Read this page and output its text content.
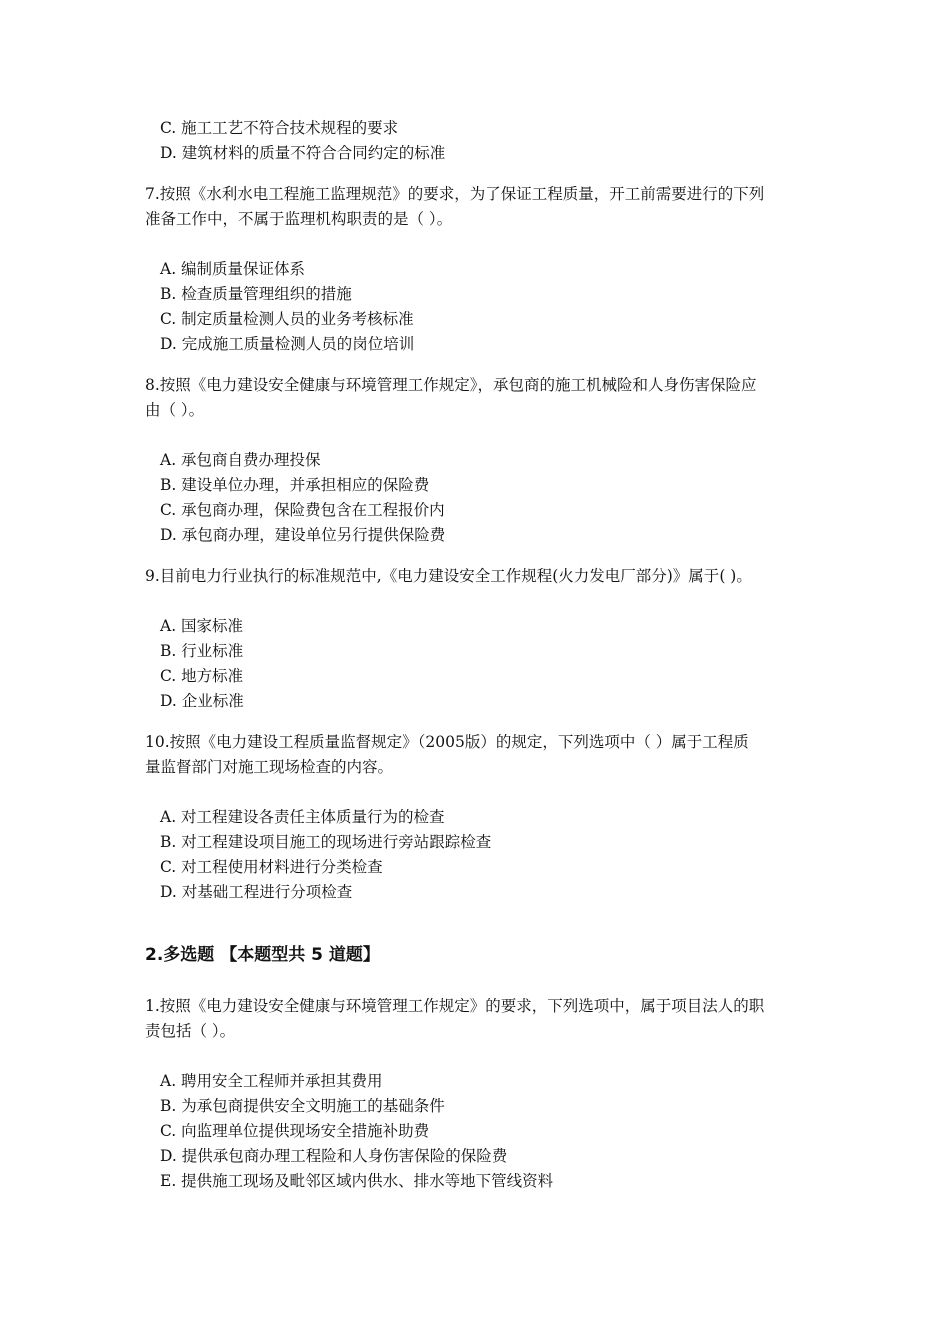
C. 施工工艺不符合技术规程的要求
D. 建筑材料的质量不符合合同约定的标准
7.按照《水利水电工程施工监理规范》的要求，为了保证工程质量，开工前需要进行的下列
准备工作中，不属于监理机构职责的是（ ）。
A. 编制质量保证体系
B. 检查质量管理组织的措施
C. 制定质量检测人员的业务考核标准
D. 完成施工质量检测人员的岗位培训
8.按照《电力建设安全健康与环境管理工作规定》，承包商的施工机械险和人身伤害保险应
由（ ）。
A. 承包商自费办理投保
B. 建设单位办理，并承担相应的保险费
C. 承包商办理，保险费包含在工程报价内
D. 承包商办理，建设单位另行提供保险费
9.目前电力行业执行的标准规范中,《电力建设安全工作规程(火力发电厂部分)》属于( )。
A. 国家标准
B. 行业标准
C. 地方标准
D. 企业标准
10.按照《电力建设工程质量监督规定》（2005版）的规定，下列选项中（ ）属于工程质
量监督部门对施工现场检查的内容。
A. 对工程建设各责任主体质量行为的检查
B. 对工程建设项目施工的现场进行旁站跟踪检查
C. 对工程使用材料进行分类检查
D. 对基础工程进行分项检查
2.多选题 【本题型共 5 道题】
1.按照《电力建设安全健康与环境管理工作规定》的要求，下列选项中，属于项目法人的职
责包括（ ）。
A. 聘用安全工程师并承担其费用
B. 为承包商提供安全文明施工的基础条件
C. 向监理单位提供现场安全措施补助费
D. 提供承包商办理工程险和人身伤害保险的保险费
E. 提供施工现场及毗邻区域内供水、排水等地下管线资料
